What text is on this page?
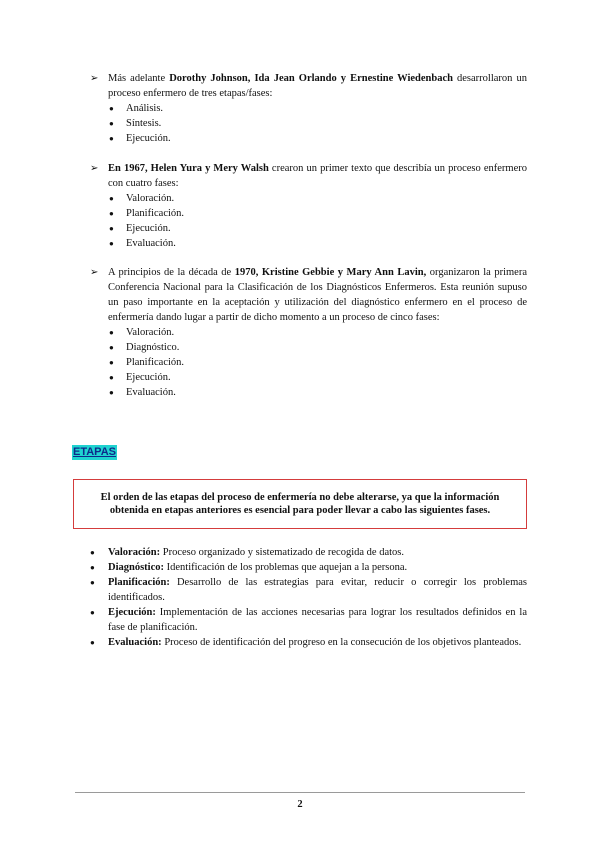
➢ Más adelante Dorothy Johnson, Ida Jean Orlando y Ernestine Wiedenbach desarrollaron un proceso enfermero de tres etapas/fases:
● Análisis.
● Síntesis.
● Ejecución.
➢ En 1967, Helen Yura y Mery Walsh crearon un primer texto que describía un proceso enfermero con cuatro fases:
● Valoración.
● Planificación.
● Ejecución.
● Evaluación.
➢ A principios de la década de 1970, Kristine Gebbie y Mary Ann Lavin, organizaron la primera Conferencia Nacional para la Clasificación de los Diagnósticos Enfermeros. Esta reunión supuso un paso importante en la aceptación y utilización del diagnóstico enfermero en el proceso de enfermería dando lugar a partir de dicho momento a un proceso de cinco fases:
● Valoración.
● Diagnóstico.
● Planificación.
● Ejecución.
● Evaluación.
ETAPAS
El orden de las etapas del proceso de enfermería no debe alterarse, ya que la información obtenida en etapas anteriores es esencial para poder llevar a cabo las siguientes fases.
● Valoración: Proceso organizado y sistematizado de recogida de datos.
● Diagnóstico: Identificación de los problemas que aquejan a la persona.
● Planificación: Desarrollo de las estrategias para evitar, reducir o corregir los problemas identificados.
● Ejecución: Implementación de las acciones necesarias para lograr los resultados definidos en la fase de planificación.
● Evaluación: Proceso de identificación del progreso en la consecución de los objetivos planteados.
2
